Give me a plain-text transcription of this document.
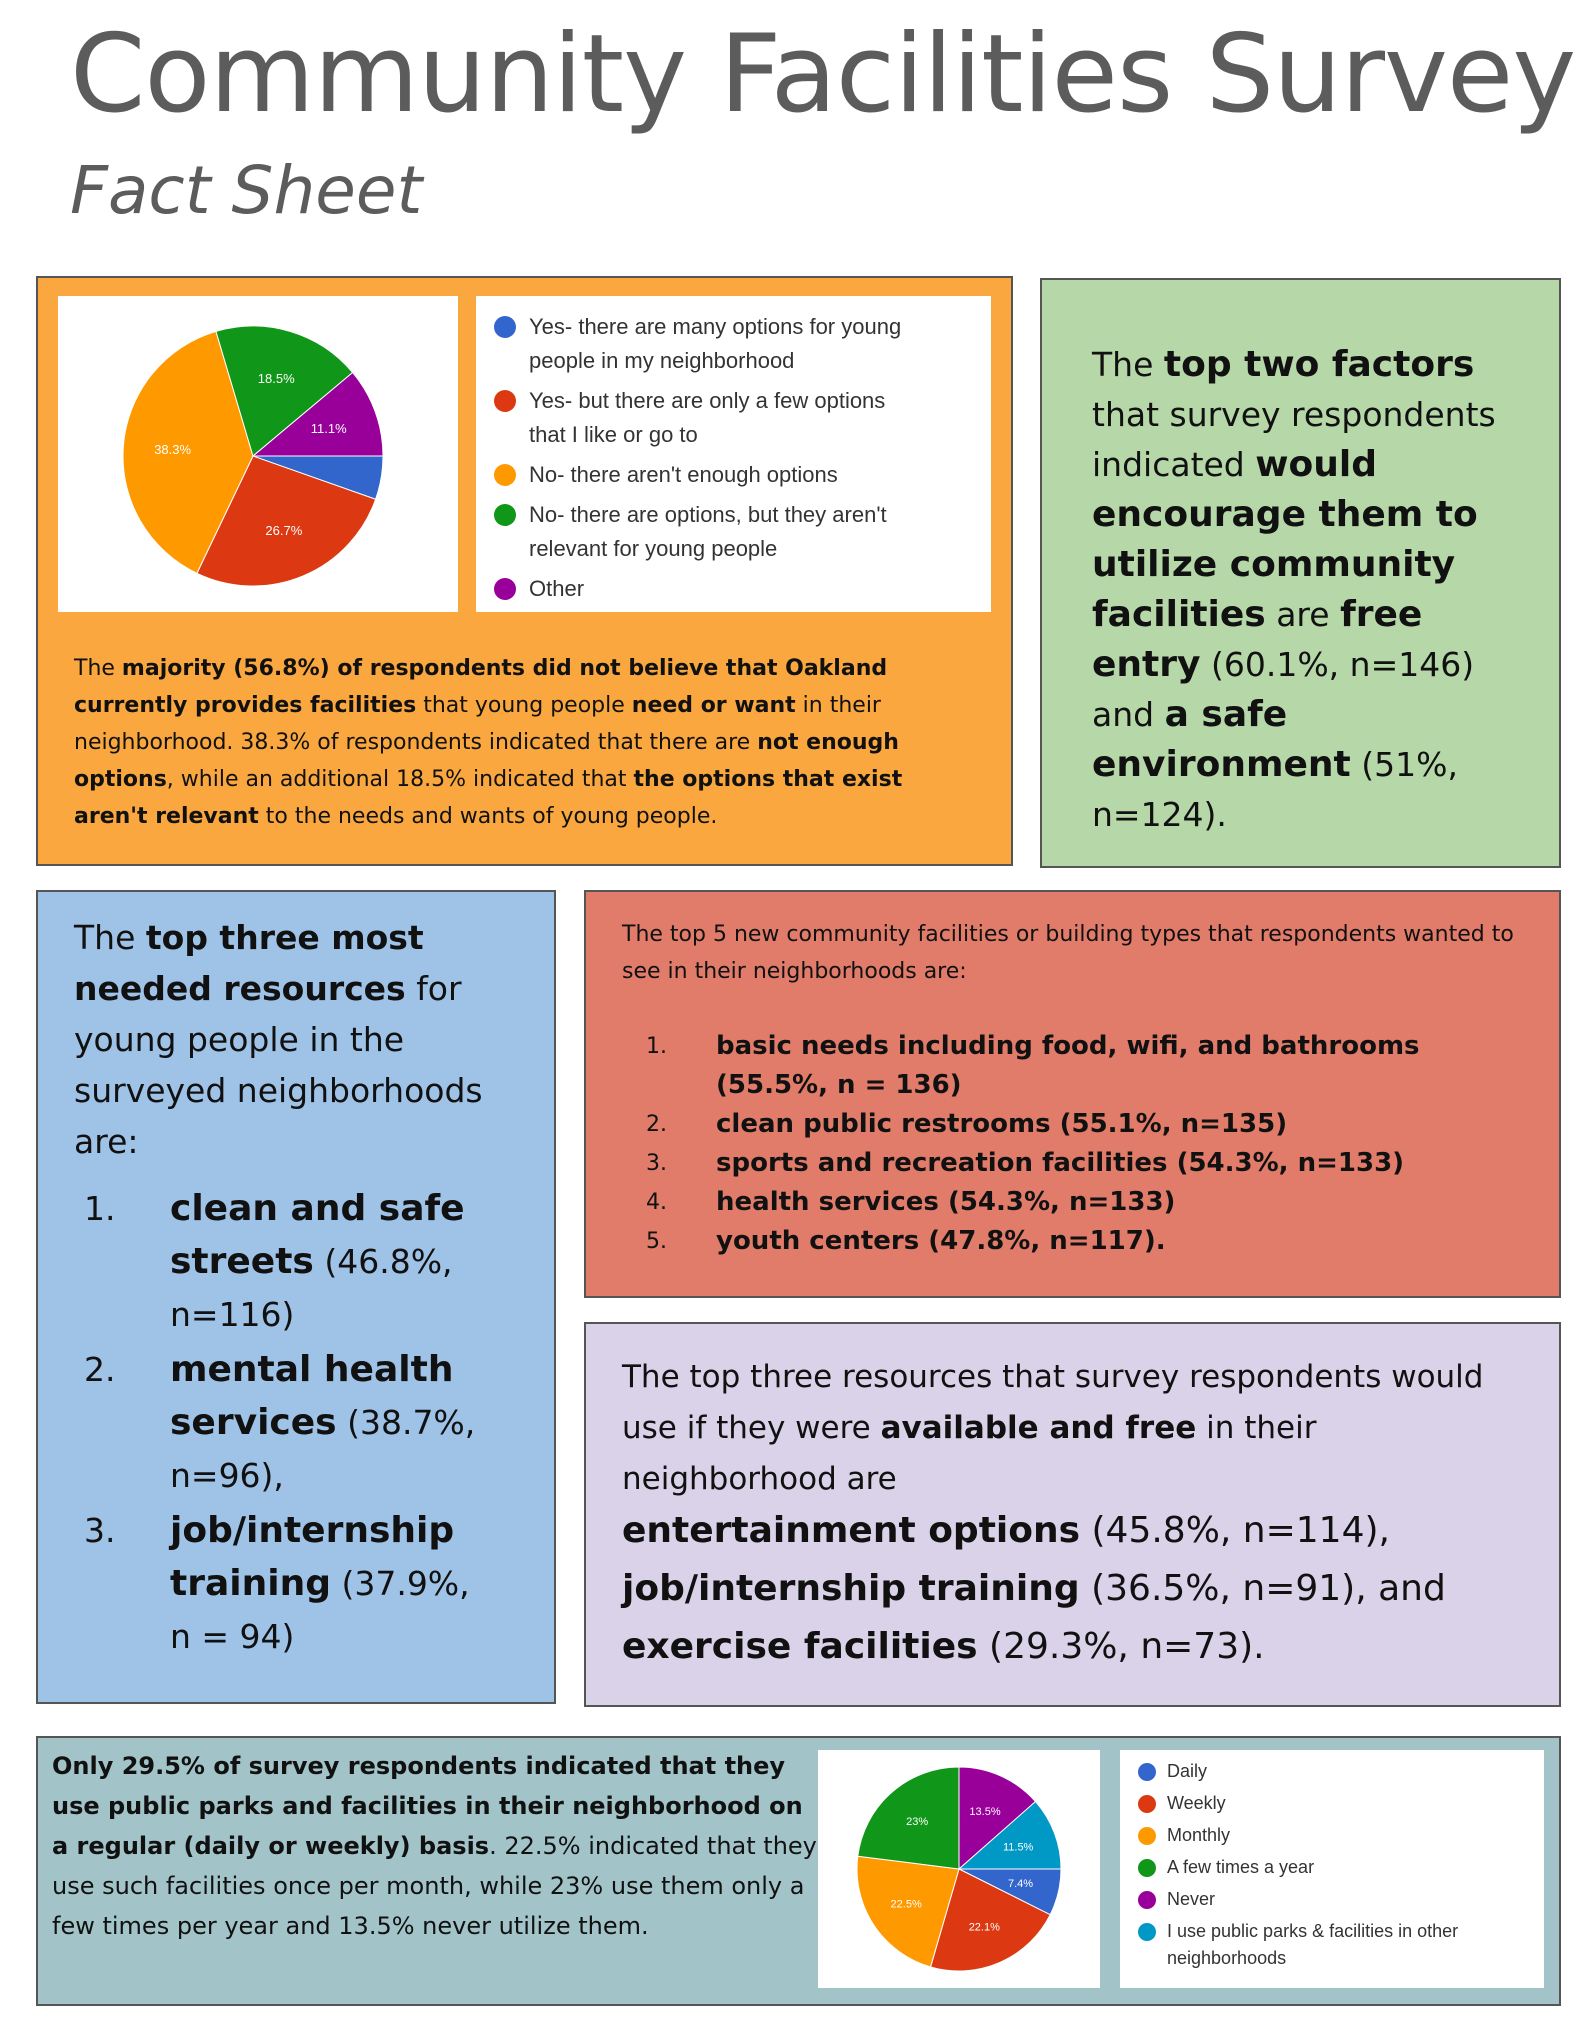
Community Facilities Survey
Fact Sheet
26.7%
38.3%
18.5%
11.1%
Yes- there are many options for young
people in my neighborhood
Yes- but there are only a few options
that I like or go to
No- there aren't enough options
No- there are options, but they aren't
relevant for young people
Other

The majority (56.8%) of respondents did not believe that Oakland currently provides facilities that young people need or want in their neighborhood. 38.3% of respondents indicated that there are not enough options, while an additional 18.5% indicated that the options that exist aren't relevant to the needs and wants of young people.

The top two factors that survey respondents indicated would encourage them to utilize community facilities are free entry (60.1%, n=146) and a safe environment (51%, n=124).

The top three most needed resources for young people in the surveyed neighborhoods are:

1. clean and safe streets (46.8%, n=116)
2. mental health services (38.7%, n=96),
3. job/internship training (37.9%, n = 94)

The top 5 new community facilities or building types that respondents wanted to see in their neighborhoods are:

1. basic needs including food, wifi, and bathrooms (55.5%, n = 136)
2. clean public restrooms (55.1%, n=135)
3. sports and recreation facilities (54.3%, n=133)
4. health services (54.3%, n=133)
5. youth centers (47.8%, n=117).

The top three resources that survey respondents would use if they were available and free in their neighborhood are

entertainment options (45.8%, n=114),
job/internship training (36.5%, n=91), and
exercise facilities (29.3%, n=73).

Only 29.5% of survey respondents indicated that they use public parks and facilities in their neighborhood on a regular (daily or weekly) basis. 22.5% indicated that they use such facilities once per month, while 23% use them only a few times per year and 13.5% never utilize them.

7.4%
22.1%
22.5%
23%
13.5%
11.5%
Daily
Weekly
Monthly
A few times a year
Never
I use public parks & facilities in other
neighborhoods
